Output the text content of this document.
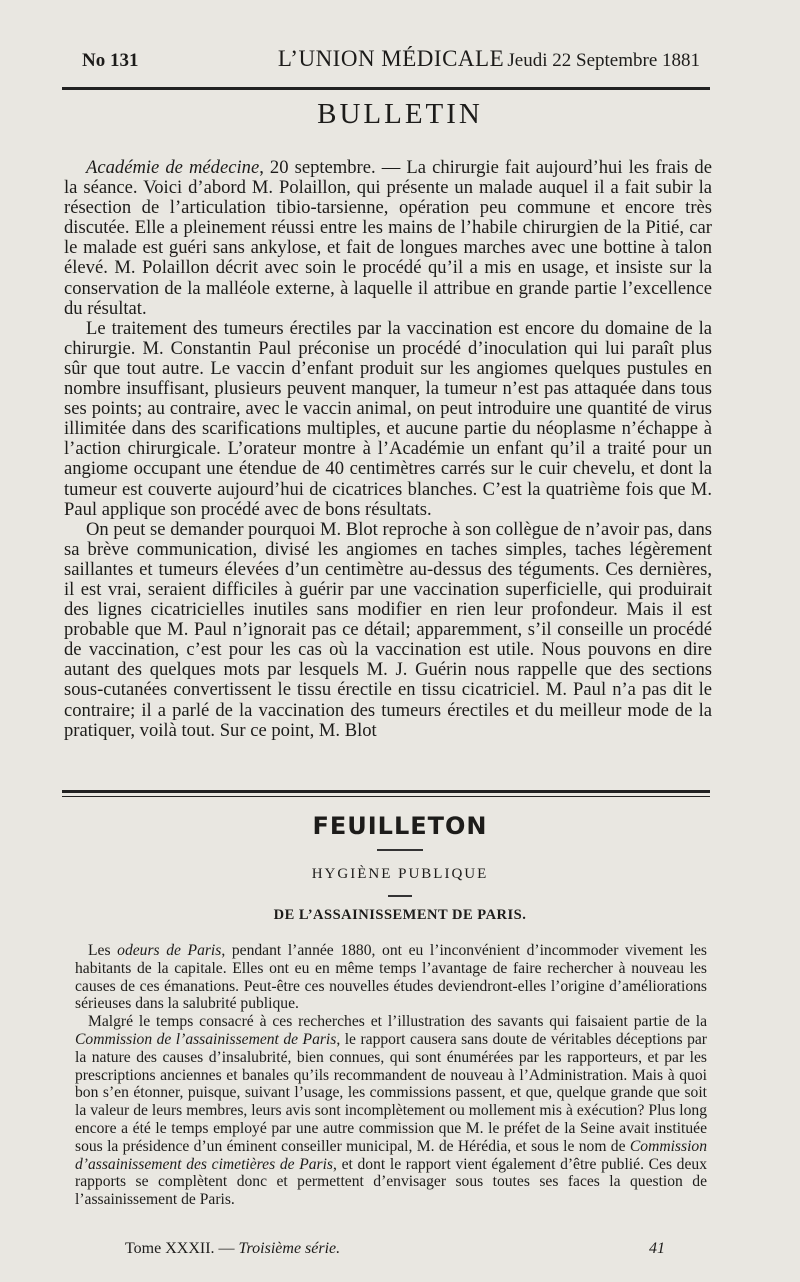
No 131	L’UNION MÉDICALE Jeudi 22 Septembre 1881
BULLETIN

Académie de médecine, 20 septembre. — La chirurgie fait aujourd’hui les frais de la séance. Voici d’abord M. Polaillon, qui présente un malade auquel il a fait subir la résection de l’articulation tibio-tarsienne, opération peu commune et encore très discutée. Elle a pleinement réussi entre les mains de l’habile chirurgien de la Pitié, car le malade est guéri sans ankylose, et fait de longues marches avec une bottine à talon élevé. M. Polaillon décrit avec soin le procédé qu’il a mis en usage, et insiste sur la conservation de la malléole externe, à laquelle il attribue en grande partie l’excellence du résultat.

Le traitement des tumeurs érectiles par la vaccination est encore du domaine de la chirurgie. M. Constantin Paul préconise un procédé d’inoculation qui lui paraît plus sûr que tout autre. Le vaccin d’enfant produit sur les angiomes quelques pustules en nombre insuffisant, plusieurs peuvent manquer, la tumeur n’est pas attaquée dans tous ses points; au contraire, avec le vaccin animal, on peut introduire une quantité de virus illimitée dans des scarifications multiples, et aucune partie du néoplasme n’échappe à l’action chirurgicale. L’orateur montre à l’Académie un enfant qu’il a traité pour un angiome occupant une étendue de 40 centimètres carrés sur le cuir chevelu, et dont la tumeur est couverte aujourd’hui de cicatrices blanches. C’est la quatrième fois que M. Paul applique son procédé avec de bons résultats.

On peut se demander pourquoi M. Blot reproche à son collègue de n’avoir pas, dans sa brève communication, divisé les angiomes en taches simples, taches légèrement saillantes et tumeurs élevées d’un centimètre au-dessus des téguments. Ces dernières, il est vrai, seraient difficiles à guérir par une vaccination superficielle, qui produirait des lignes cicatricielles inutiles sans modifier en rien leur profondeur. Mais il est probable que M. Paul n’ignorait pas ce détail; apparemment, s’il conseille un procédé de vaccination, c’est pour les cas où la vaccination est utile. Nous pouvons en dire autant des quelques mots par lesquels M. J. Guérin nous rappelle que des sections sous-cutanées convertissent le tissu érectile en tissu cicatriciel. M. Paul n’a pas dit le contraire; il a parlé de la vaccination des tumeurs érectiles et du meilleur mode de la pratiquer, voilà tout. Sur ce point, M. Blot

FEUILLETON
HYGIÈNE PUBLIQUE
DE L’ASSAINISSEMENT DE PARIS.

Les odeurs de Paris, pendant l’année 1880, ont eu l’inconvénient d’incommoder vivement les habitants de la capitale. Elles ont eu en même temps l’avantage de faire rechercher à nouveau les causes de ces émanations. Peut-être ces nouvelles études deviendront-elles l’origine d’améliorations sérieuses dans la salubrité publique.

Malgré le temps consacré à ces recherches et l’illustration des savants qui faisaient partie de la Commission de l’assainissement de Paris, le rapport causera sans doute de véritables déceptions par la nature des causes d’insalubrité, bien connues, qui sont énumérées par les rapporteurs, et par les prescriptions anciennes et banales qu’ils recommandent de nouveau à l’Administration. Mais à quoi bon s’en étonner, puisque, suivant l’usage, les commissions passent, et que, quelque grande que soit la valeur de leurs membres, leurs avis sont incomplètement ou mollement mis à exécution? Plus long encore a été le temps employé par une autre commission que M. le préfet de la Seine avait instituée sous la présidence d’un éminent conseiller municipal, M. de Hérédia, et sous le nom de Commission d’assainissement des cimetières de Paris, et dont le rapport vient également d’être publié. Ces deux rapports se complètent donc et permettent d’envisager sous toutes ses faces la question de l’assainissement de Paris.

Tome XXXII. — Troisième série.	41
